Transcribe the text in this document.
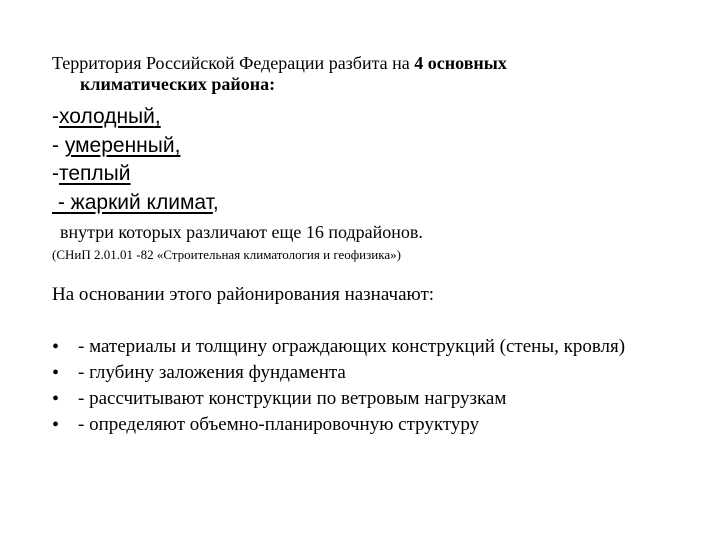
Территория Российской Федерации разбита на 4 основных
климатических района:
-холодный,
- умеренный,
-теплый
- жаркий климат,
внутри которых различают еще 16 подрайонов.
(СНиП 2.01.01 -82 «Строительная климатология и геофизика»)
На основании этого районирования назначают:
• - материалы и толщину ограждающих конструкций (стены, кровля)
• - глубину заложения фундамента
• - рассчитывают конструкции по ветровым нагрузкам
• - определяют объемно-планировочную структуру
